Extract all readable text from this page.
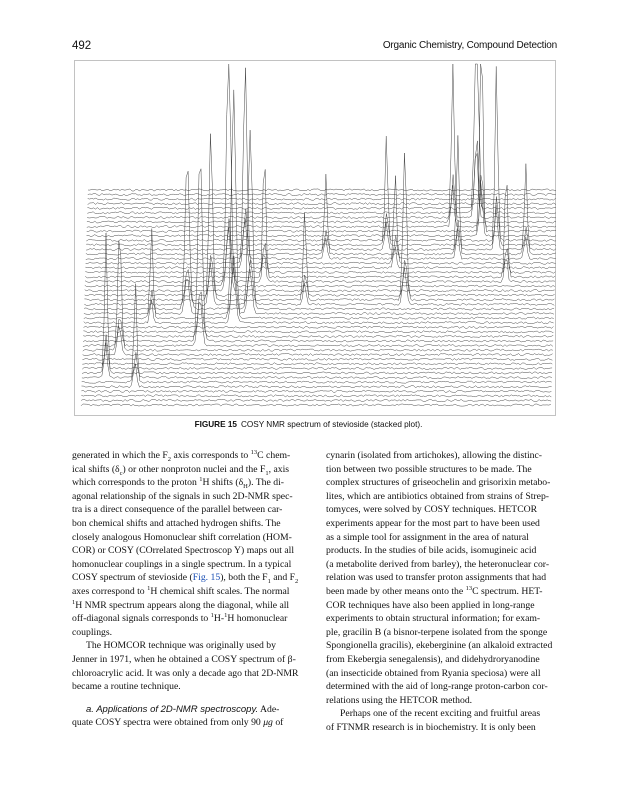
492	Organic Chemistry, Compound Detection
FIGURE 15 COSY NMR spectrum of stevioside (stacked plot).
generated in which the $F_2$ axis corresponds to $^{13}$C chem-
ical shifts $(\delta_c)$ or other nonproton nuclei and the $F_1$, axis
which corresponds to the proton $^1$H shifts $(\delta_H)$. The di-
agonal relationship of the signals in such 2D-NMR spec-
tra is a direct consequence of the parallel between car-
bon chemical shifts and attached hydrogen shifts. The
closely analogous Homonuclear shift correlation (HOM-
COR) or COSY (COrrelated Spectroscop Y) maps out all
homonuclear couplings in a single spectrum. In a typical
COSY spectrum of stevioside (Fig. 15), both the $F_1$ and $F_2$
axes correspond to $^1$H chemical shift scales. The normal
$^1$H NMR spectrum appears along the diagonal, while all
off-diagonal signals corresponds to $^1$H-$^1$H homonuclear
couplings.
The HOMCOR technique was originally used by
Jenner in 1971, when he obtained a COSY spectrum of β-
chloroacrylic acid. It was only a decade ago that 2D-NMR
became a routine technique.
a. Applications of 2D-NMR spectroscopy. Ade-
quate COSY spectra were obtained from only 90 μg of
cynarin (isolated from artichokes), allowing the distinc-
tion between two possible structures to be made. The
complex structures of griseochelin and grisorixin metabo-
lites, which are antibiotics obtained from strains of Strep-
tomyces, were solved by COSY techniques. HETCOR
experiments appear for the most part to have been used
as a simple tool for assignment in the area of natural
products. In the studies of bile acids, isomugineic acid
(a metabolite derived from barley), the heteronuclear cor-
relation was used to transfer proton assignments that had
been made by other means onto the $^{13}$C spectrum. HET-
COR techniques have also been applied in long-range
experiments to obtain structural information; for exam-
ple, gracilin B (a bisnor-terpene isolated from the sponge
Spongionella gracilis), ekeberginine (an alkaloid extracted
from Ekebergia senegalensis), and didehydroryanodine
(an insecticide obtained from Ryania speciosa) were all
determined with the aid of long-range proton-carbon cor-
relations using the HETCOR method.
Perhaps one of the recent exciting and fruitful areas
of FTNMR research is in biochemistry. It is only been
